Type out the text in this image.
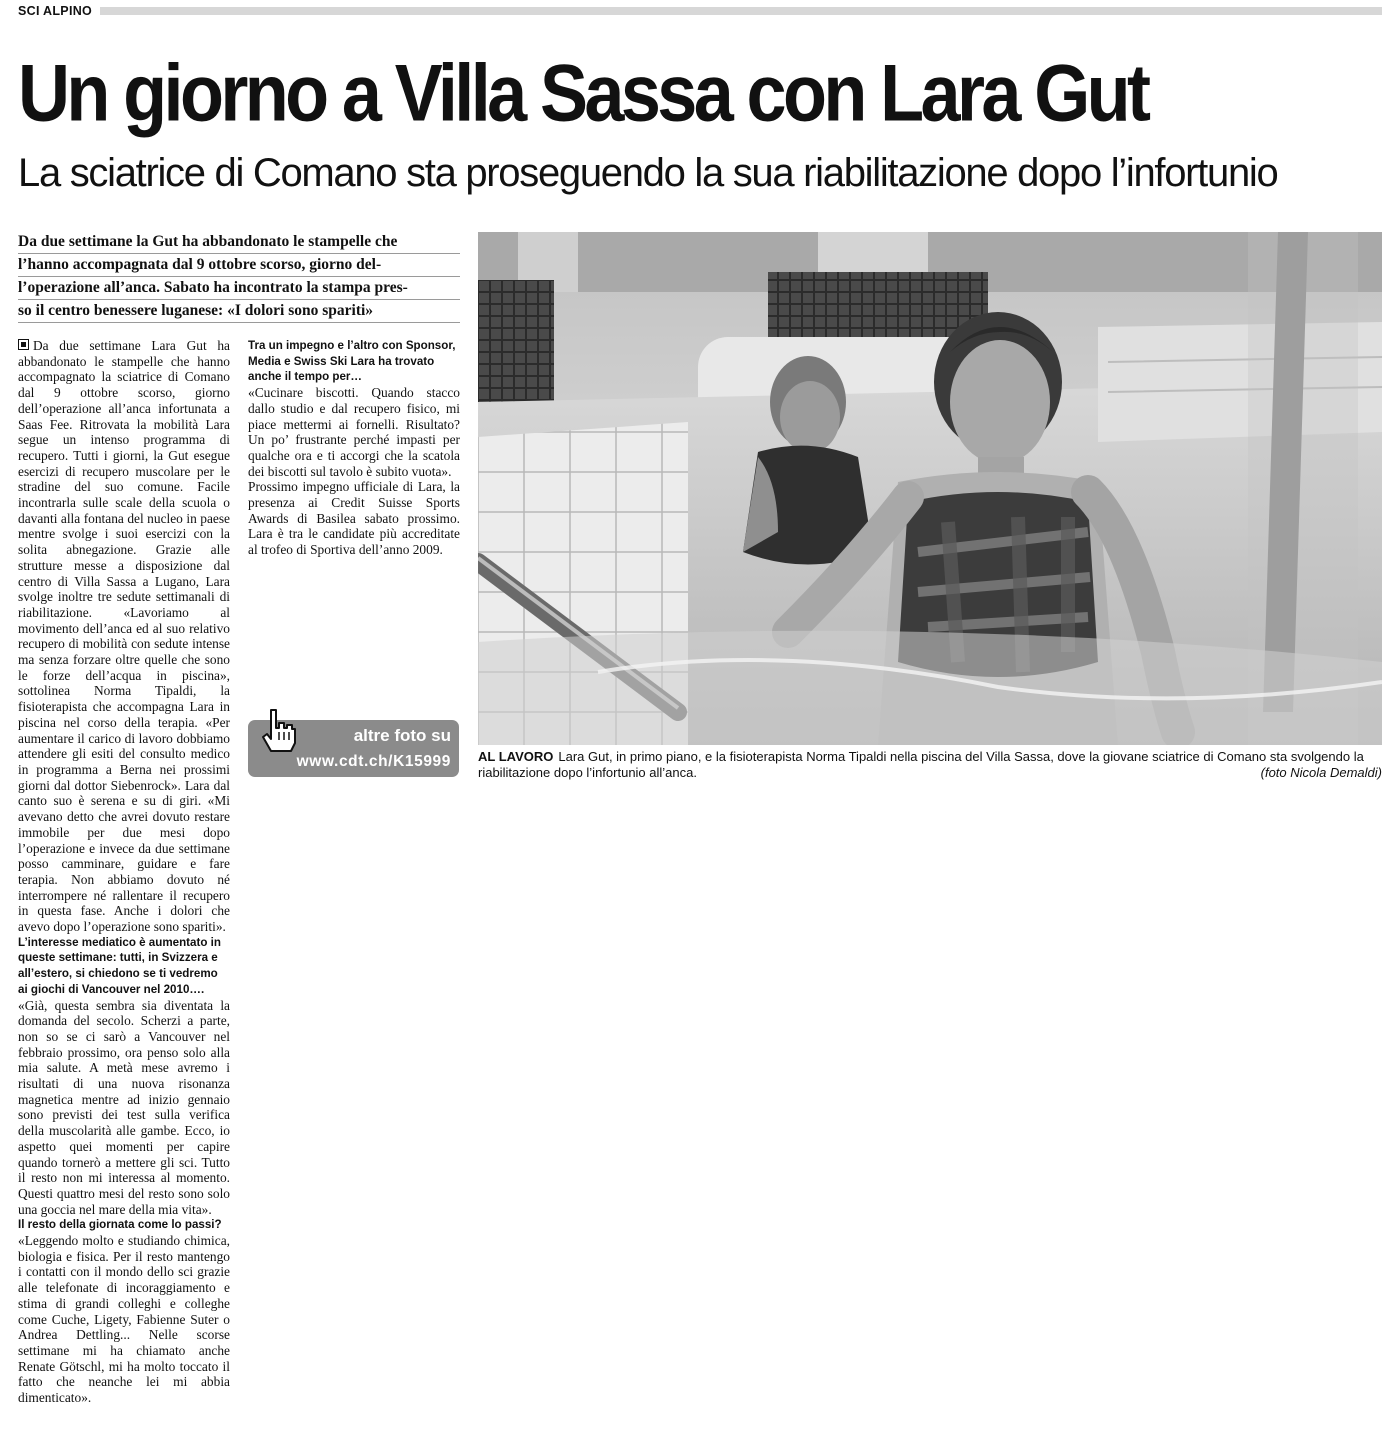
SCI ALPINO
Un giorno a Villa Sassa con Lara Gut
La sciatrice di Comano sta proseguendo la sua riabilitazione dopo l’infortunio
Da due settimane la Gut ha abbandonato le stampelle che
l’hanno accompagnata dal 9 ottobre scorso, giorno del-
l’operazione all’anca. Sabato ha incontrato la stampa pres-
so il centro benessere luganese: «I dolori sono spariti»

Da due settimane Lara Gut ha abbandonato le stampelle che hanno accompagnato la sciatrice di Comano dal 9 ottobre scorso, giorno dell’operazione all’anca infortunata a Saas Fee. Ritrovata la mobilità Lara segue un intenso programma di recupero. Tutti i giorni, la Gut esegue esercizi di recupero muscolare per le stradine del suo comune. Facile incontrarla sulle scale della scuola o davanti alla fontana del nucleo in paese mentre svolge i suoi esercizi con la solita abnegazione. Grazie alle strutture messe a disposizione dal centro di Villa Sassa a Lugano, Lara svolge inoltre tre sedute settimanali di riabilitazione. «Lavoriamo al movimento dell’anca ed al suo relativo recupero di mobilità con sedute intense ma senza forzare oltre quelle che sono le forze dell’acqua in piscina», sottolinea Norma Tipaldi, la fisioterapista che accompagna Lara in piscina nel corso della terapia. «Per aumentare il carico di lavoro dobbiamo attendere gli esiti del consulto medico in programma a Berna nei prossimi giorni dal dottor Siebenrock». Lara dal canto suo è serena e su di giri. «Mi avevano detto che avrei dovuto restare immobile per due mesi dopo l’operazione e invece da due settimane posso camminare, guidare e fare terapia. Non abbiamo dovuto né interrompere né rallentare il recupero in questa fase. Anche i dolori che avevo dopo l’operazione sono spariti».

L’interesse mediatico è aumentato in queste settimane: tutti, in Svizzera e all’estero, si chiedono se ti vedremo ai giochi di Vancouver nel 2010….

«Già, questa sembra sia diventata la domanda del secolo. Scherzi a parte, non so se ci sarò a Vancouver nel febbraio prossimo, ora penso solo alla mia salute. A metà mese avremo i risultati di una nuova risonanza magnetica mentre ad inizio gennaio sono previsti dei test sulla verifica della muscolarità alle gambe. Ecco, io aspetto quei momenti per capire quando tornerò a mettere gli sci. Tutto il resto non mi interessa al momento. Questi quattro mesi del resto sono solo una goccia nel mare della mia vita».

Il resto della giornata come lo passi?

«Leggendo molto e studiando chimica, biologia e fisica. Per il resto mantengo i contatti con il mondo dello sci grazie alle telefonate di incoraggiamento e stima di grandi colleghi e colleghe come Cuche, Ligety, Fabienne Suter o Andrea Dettling... Nelle scorse settimane mi ha chiamato anche Renate Götschl, mi ha molto toccato il fatto che neanche lei mi abbia dimenticato».

Tra un impegno e l’altro con Sponsor, Media e Swiss Ski Lara ha trovato anche il tempo per…

«Cucinare biscotti. Quando stacco dallo studio e dal recupero fisico, mi piace mettermi ai fornelli. Risultato? Un po’ frustrante perché impasti per qualche ora e ti accorgi che la scatola dei biscotti sul tavolo è subito vuota».

Prossimo impegno ufficiale di Lara, la presenza ai Credit Suisse Sports Awards di Basilea sabato prossimo. Lara è tra le candidate più accreditate al trofeo di Sportiva dell’anno 2009.

altre foto su
www.cdt.ch/K15999 AL LAVORO Lara Gut, in primo piano, e la fisioterapista Norma Tipaldi nella piscina del Villa Sassa, dove la giovane sciatrice di Comano sta svolgendo la riabilitazione dopo l’infortunio all’anca.	(foto Nicola Demaldi)
